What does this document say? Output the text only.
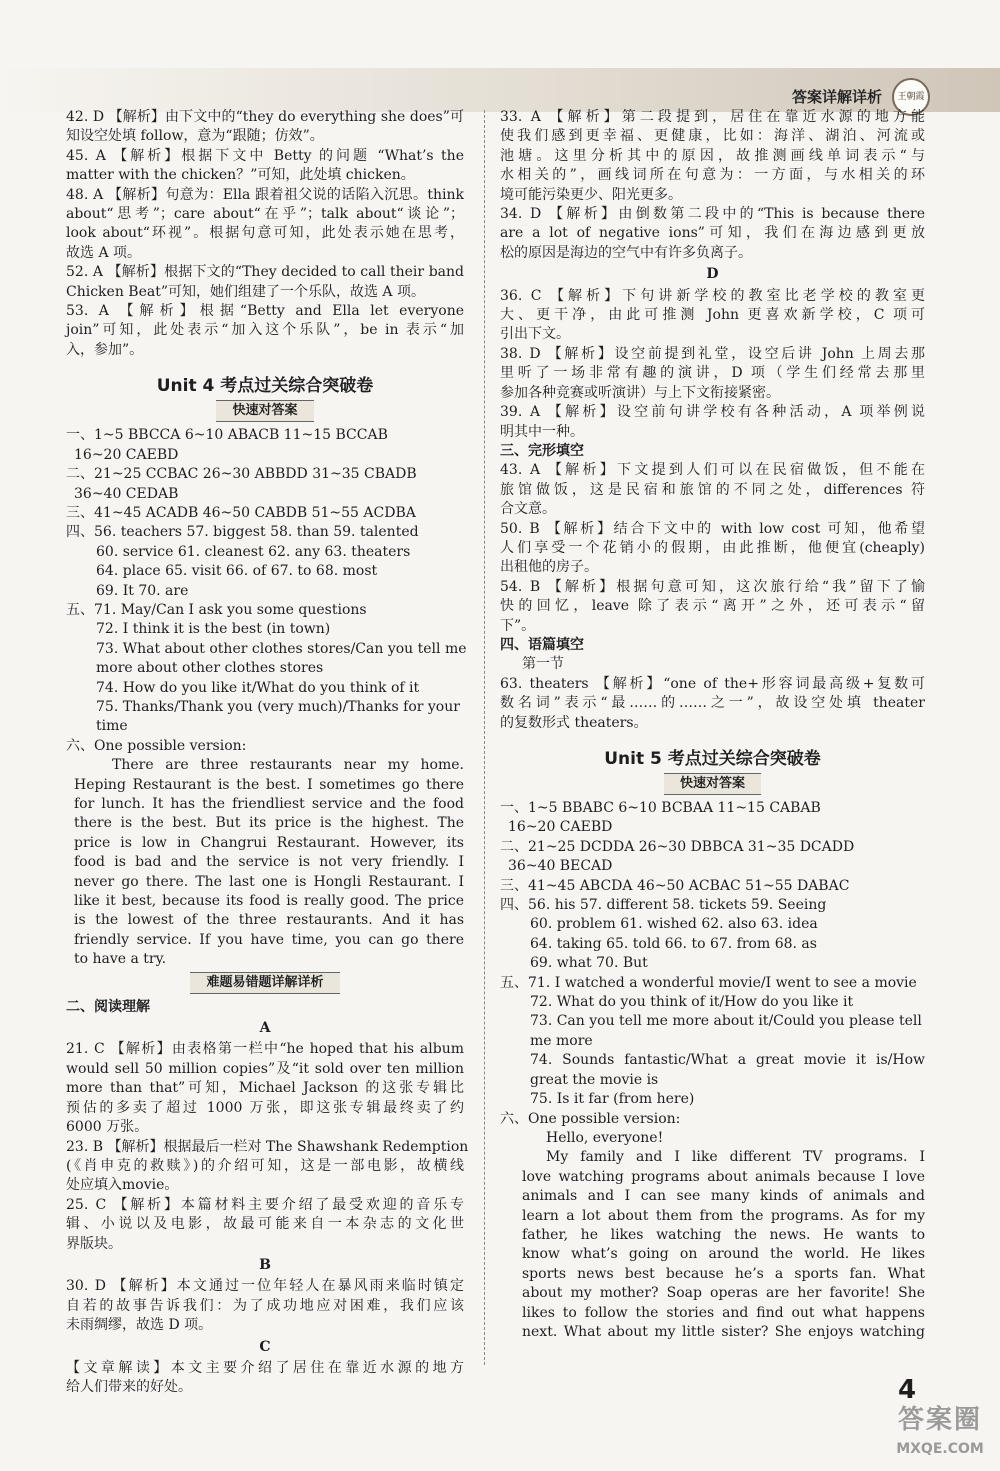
答案详解详析	王朝霞
42. D 【解析】由下文中的“they do everything she does”可
知设空处填 follow，意为“跟随；仿效”。
45. A 【解析】根据下文中 Betty 的问题 “What’s the
matter with the chicken？”可知，此处填 chicken。
48. A 【解析】句意为：Ella 跟着祖父说的话陷入沉思。think
about“思考”；care about“在乎”；talk about“谈论”；
look about“环视”。根据句意可知，此处表示她在思考，
故选 A 项。
52. A 【解析】根据下文的“They decided to call their band
Chicken Beat”可知，她们组建了一个乐队，故选 A 项。
53. A 【解析】根据“Betty and Ella let everyone
join”可知，此处表示“加入这个乐队”，be in 表示“加
入，参加”。
Unit 4 考点过关综合突破卷
快速对答案
一、1~5 BBCCA 6~10 ABACB 11~15 BCCAB
16~20 CAEBD
二、21~25 CCBAC 26~30 ABBDD 31~35 CBADB
36~40 CEDAB
三、41~45 ACADB 46~50 CABDB 51~55 ACDBA
四、56. teachers 57. biggest 58. than 59. talented
60. service 61. cleanest 62. any 63. theaters
64. place 65. visit 66. of 67. to 68. most
69. It 70. are
五、71. May/Can I ask you some questions
72. I think it is the best (in town)
73. What about other clothes stores/Can you tell me
more about other clothes stores
74. How do you like it/What do you think of it
75. Thanks/Thank you (very much)/Thanks for your
time
六、One possible version:
There are three restaurants near my home.
Heping Restaurant is the best. I sometimes go there
for lunch. It has the friendliest service and the food
there is the best. But its price is the highest. The
price is low in Changrui Restaurant. However, its
food is bad and the service is not very friendly. I
never go there. The last one is Hongli Restaurant. I
like it best, because its food is really good. The price
is the lowest of the three restaurants. And it has
friendly service. If you have time, you can go there
to have a try.
难题易错题详解详析
二、阅读理解
A
21. C 【解析】由表格第一栏中“he hoped that his album
would sell 50 million copies”及“it sold over ten million
more than that”可知，Michael Jackson 的这张专辑比
预估的多卖了超过 1000 万张，即这张专辑最终卖了约
6000 万张。
23. B 【解析】根据最后一栏对 The Shawshank Redemption
(《肖申克的救赎》)的介绍可知，这是一部电影，故横线
处应填入movie。
25. C 【解析】本篇材料主要介绍了最受欢迎的音乐专
辑、小说以及电影，故最可能来自一本杂志的文化世
界版块。
B
30. D 【解析】本文通过一位年轻人在暴风雨来临时镇定
自若的故事告诉我们：为了成功地应对困难，我们应该
未雨绸缪，故选 D 项。
C
【文章解读】本文主要介绍了居住在靠近水源的地方
给人们带来的好处。
33. A 【解析】第二段提到，居住在靠近水源的地方能
使我们感到更幸福、更健康，比如：海洋、湖泊、河流或
池塘。这里分析其中的原因，故推测画线单词表示“与
水相关的”，画线词所在句意为：一方面，与水相关的环
境可能污染更少、阳光更多。
34. D 【解析】由倒数第二段中的“This is because there
are a lot of negative ions”可知，我们在海边感到更放
松的原因是海边的空气中有许多负离子。
D
36. C 【解析】下句讲新学校的教室比老学校的教室更
大、更干净，由此可推测 John 更喜欢新学校，C 项可
引出下文。
38. D 【解析】设空前提到礼堂，设空后讲 John 上周去那
里听了一场非常有趣的演讲，D 项（学生们经常去那里
参加各种竞赛或听演讲）与上下文衔接紧密。
39. A 【解析】设空前句讲学校有各种活动，A 项举例说
明其中一种。
三、完形填空
43. A 【解析】下文提到人们可以在民宿做饭，但不能在
旅馆做饭，这是民宿和旅馆的不同之处，differences 符
合文意。
50. B 【解析】结合下文中的 with low cost 可知，他希望
人们享受一个花销小的假期，由此推断，他便宜(cheaply)
出租他的房子。
54. B 【解析】根据句意可知，这次旅行给“我”留下了愉
快的回忆，leave 除了表示“离开”之外，还可表示“留
下”。
四、语篇填空
第一节
63. theaters 【解析】“one of the+形容词最高级+复数可
数名词”表示“最……的……之一”，故设空处填 theater
的复数形式 theaters。
Unit 5 考点过关综合突破卷
快速对答案
一、1~5 BBABC 6~10 BCBAA 11~15 CABAB
16~20 CAEBD
二、21~25 DCDDA 26~30 DBBCA 31~35 DCADD
36~40 BECAD
三、41~45 ABCDA 46~50 ACBAC 51~55 DABAC
四、56. his 57. different 58. tickets 59. Seeing
60. problem 61. wished 62. also 63. idea
64. taking 65. told 66. to 67. from 68. as
69. what 70. But
五、71. I watched a wonderful movie/I went to see a movie
72. What do you think of it/How do you like it
73. Can you tell me more about it/Could you please tell
me more
74. Sounds fantastic/What a great movie it is/How
great the movie is
75. Is it far (from here)
六、One possible version:
Hello, everyone!
My family and I like different TV programs. I
love watching programs about animals because I love
animals and I can see many kinds of animals and
learn a lot about them from the programs. As for my
father, he likes watching the news. He wants to
know what’s going on around the world. He likes
sports news best because he’s a sports fan. What
about my mother? Soap operas are her favorite! She
likes to follow the stories and find out what happens
next. What about my little sister? She enjoys watching
4
答案圈
MXQE.COM
